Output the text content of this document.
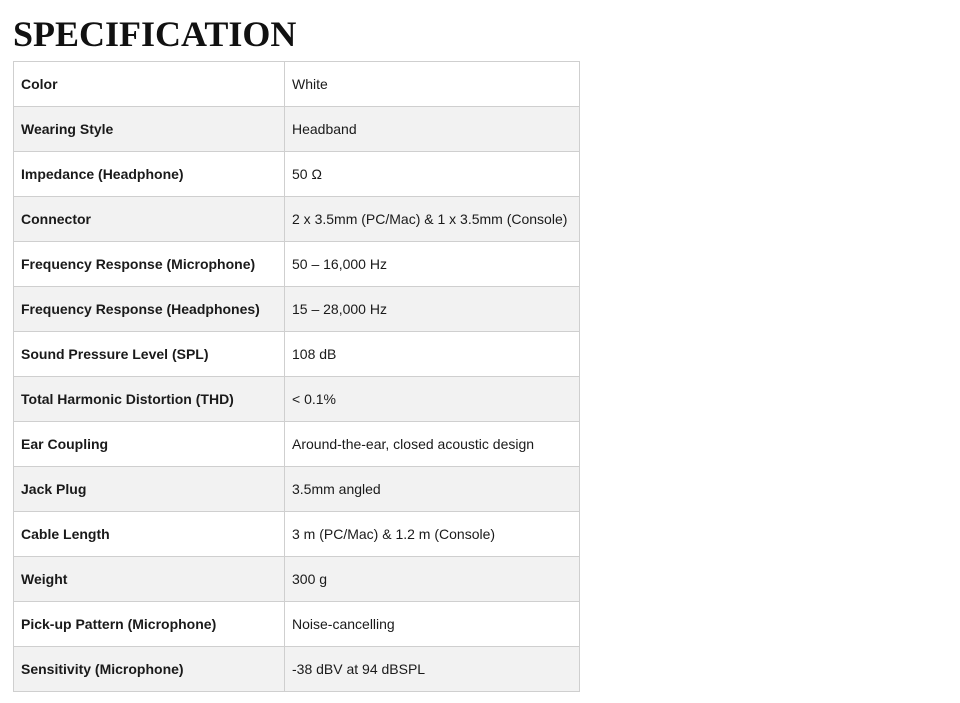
SPECIFICATION
Color	White
Wearing Style	Headband
Impedance (Headphone)	50 Ω
Connector	2 x 3.5mm (PC/Mac) & 1 x 3.5mm (Console)
Frequency Response (Microphone)	50 – 16,000 Hz
Frequency Response (Headphones)	15 – 28,000 Hz
Sound Pressure Level (SPL)	108 dB
Total Harmonic Distortion (THD)	< 0.1%
Ear Coupling	Around-the-ear, closed acoustic design
Jack Plug	3.5mm angled
Cable Length	3 m (PC/Mac) & 1.2 m (Console)
Weight	300 g
Pick-up Pattern (Microphone)	Noise-cancelling
Sensitivity (Microphone)	-38 dBV at 94 dBSPL
